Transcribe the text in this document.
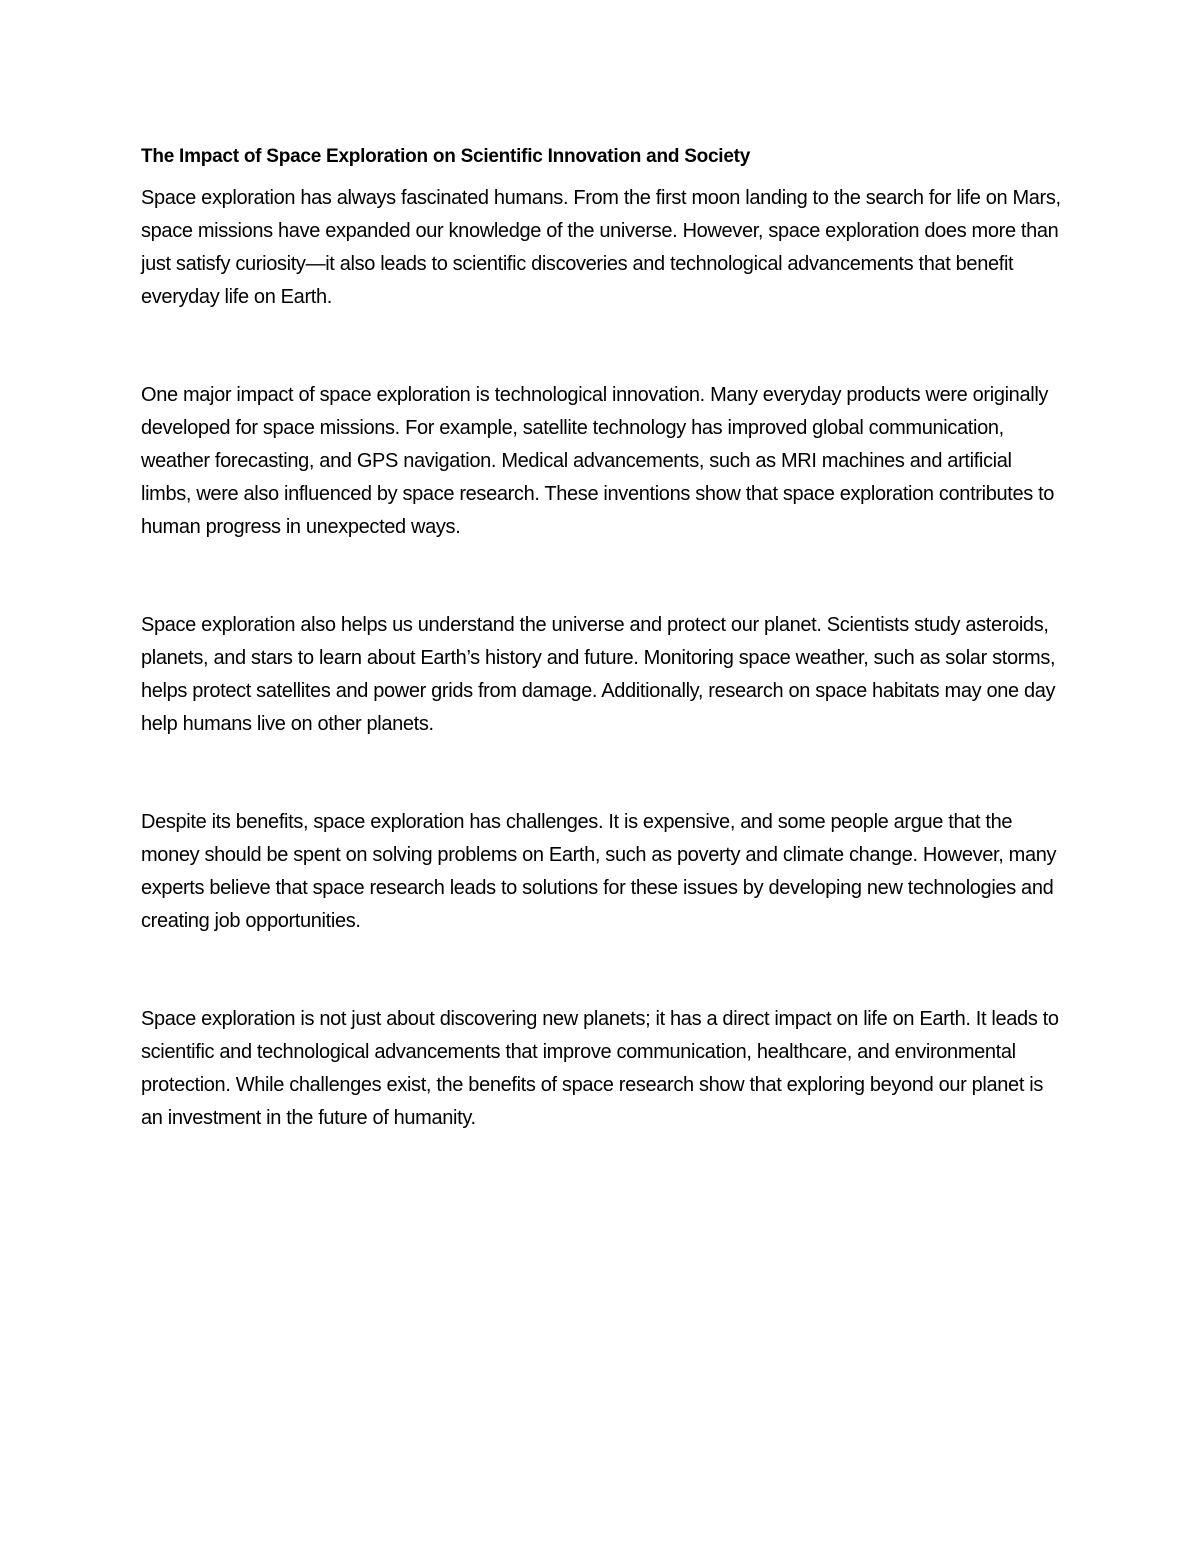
The Impact of Space Exploration on Scientific Innovation and Society

Space exploration has always fascinated humans. From the first moon landing to the search for life on Mars, space missions have expanded our knowledge of the universe. However, space exploration does more than just satisfy curiosity—it also leads to scientific discoveries and technological advancements that benefit everyday life on Earth.

One major impact of space exploration is technological innovation. Many everyday products were originally developed for space missions. For example, satellite technology has improved global communication, weather forecasting, and GPS navigation. Medical advancements, such as MRI machines and artificial limbs, were also influenced by space research. These inventions show that space exploration contributes to human progress in unexpected ways.

Space exploration also helps us understand the universe and protect our planet. Scientists study asteroids, planets, and stars to learn about Earth’s history and future. Monitoring space weather, such as solar storms, helps protect satellites and power grids from damage. Additionally, research on space habitats may one day help humans live on other planets.

Despite its benefits, space exploration has challenges. It is expensive, and some people argue that the money should be spent on solving problems on Earth, such as poverty and climate change. However, many experts believe that space research leads to solutions for these issues by developing new technologies and creating job opportunities.

Space exploration is not just about discovering new planets; it has a direct impact on life on Earth. It leads to scientific and technological advancements that improve communication, healthcare, and environmental protection. While challenges exist, the benefits of space research show that exploring beyond our planet is an investment in the future of humanity.
